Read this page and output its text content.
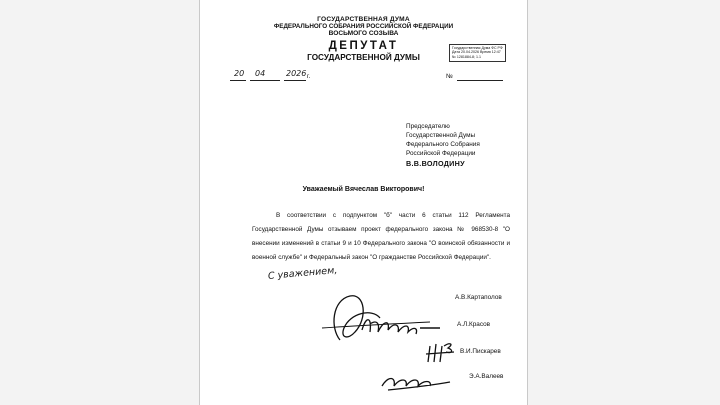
ГОСУДАРСТВЕННАЯ ДУМА
ФЕДЕРАЛЬНОГО СОБРАНИЯ РОССИЙСКОЙ ФЕДЕРАЦИИ
ВОСЬМОГО СОЗЫВА
ДЕПУТАТ
ГОСУДАРСТВЕННОЙ ДУМЫ
Государственная Дума ФС РФ Дата 20.04.2026 Время 12:47 № 1281884-8; 1.1
20 04	2026 г.	№
Председателю
Государственной Думы
Федерального Собрания
Российской Федерации
В.В.ВОЛОДИНУ
Уважаемый Вячеслав Викторович!
В соответствии с подпунктом "б" части 6 статьи 112 Регламента Государственной Думы отзываем проект федерального закона № 968530-8 "О внесении изменений в статьи 9 и 10 Федерального закона "О воинской обязанности и военной службе" и Федеральный закон "О гражданстве Российской Федерации".
С уважением,
А.В.Картаполов
А.Л.Красов
В.И.Пискарев
Э.А.Валеев
